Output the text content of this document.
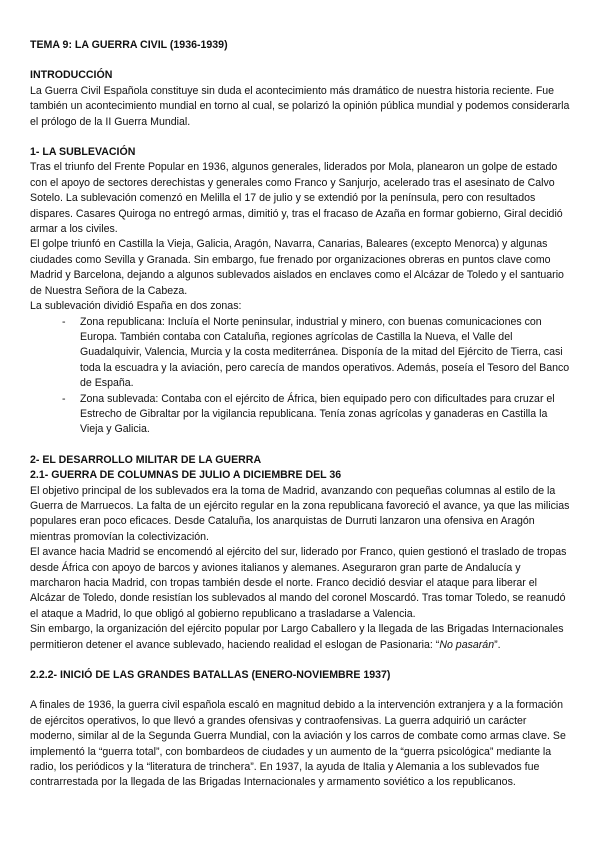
TEMA 9: LA GUERRA CIVIL (1936-1939)

INTRODUCCIÓN

La Guerra Civil Española constituye sin duda el acontecimiento más dramático de nuestra historia reciente. Fue también un acontecimiento mundial en torno al cual, se polarizó la opinión pública mundial y podemos considerarla el prólogo de la II Guerra Mundial.

1- LA SUBLEVACIÓN

Tras el triunfo del Frente Popular en 1936, algunos generales, liderados por Mola, planearon un golpe de estado con el apoyo de sectores derechistas y generales como Franco y Sanjurjo, acelerado tras el asesinato de Calvo Sotelo. La sublevación comenzó en Melilla el 17 de julio y se extendió por la península, pero con resultados dispares. Casares Quiroga no entregó armas, dimitió y, tras el fracaso de Azaña en formar gobierno, Giral decidió armar a los civiles.

El golpe triunfó en Castilla la Vieja, Galicia, Aragón, Navarra, Canarias, Baleares (excepto Menorca) y algunas ciudades como Sevilla y Granada. Sin embargo, fue frenado por organizaciones obreras en puntos clave como Madrid y Barcelona, dejando a algunos sublevados aislados en enclaves como el Alcázar de Toledo y el santuario de Nuestra Señora de la Cabeza.

La sublevación dividió España en dos zonas:

- Zona republicana: Incluía el Norte peninsular, industrial y minero, con buenas comunicaciones con Europa. También contaba con Cataluña, regiones agrícolas de Castilla la Nueva, el Valle del Guadalquivir, Valencia, Murcia y la costa mediterránea. Disponía de la mitad del Ejército de Tierra, casi toda la escuadra y la aviación, pero carecía de mandos operativos. Además, poseía el Tesoro del Banco de España.
- Zona sublevada: Contaba con el ejército de África, bien equipado pero con dificultades para cruzar el Estrecho de Gibraltar por la vigilancia republicana. Tenía zonas agrícolas y ganaderas en Castilla la Vieja y Galicia.

2- EL DESARROLLO MILITAR DE LA GUERRA

2.1- GUERRA DE COLUMNAS DE JULIO A DICIEMBRE DEL 36

El objetivo principal de los sublevados era la toma de Madrid, avanzando con pequeñas columnas al estilo de la Guerra de Marruecos. La falta de un ejército regular en la zona republicana favoreció el avance, ya que las milicias populares eran poco eficaces. Desde Cataluña, los anarquistas de Durruti lanzaron una ofensiva en Aragón mientras promovían la colectivización.

El avance hacia Madrid se encomendó al ejército del sur, liderado por Franco, quien gestionó el traslado de tropas desde África con apoyo de barcos y aviones italianos y alemanes. Aseguraron gran parte de Andalucía y marcharon hacia Madrid, con tropas también desde el norte. Franco decidió desviar el ataque para liberar el Alcázar de Toledo, donde resistían los sublevados al mando del coronel Moscardó. Tras tomar Toledo, se reanudó el ataque a Madrid, lo que obligó al gobierno republicano a trasladarse a Valencia.

Sin embargo, la organización del ejército popular por Largo Caballero y la llegada de las Brigadas Internacionales permitieron detener el avance sublevado, haciendo realidad el eslogan de Pasionaria: “No pasarán”.

2.2.2- INICIÓ DE LAS GRANDES BATALLAS (ENERO-NOVIEMBRE 1937)

A finales de 1936, la guerra civil española escaló en magnitud debido a la intervención extranjera y a la formación de ejércitos operativos, lo que llevó a grandes ofensivas y contraofensivas. La guerra adquirió un carácter moderno, similar al de la Segunda Guerra Mundial, con la aviación y los carros de combate como armas clave. Se implementó la “guerra total”, con bombardeos de ciudades y un aumento de la “guerra psicológica” mediante la radio, los periódicos y la “literatura de trinchera”. En 1937, la ayuda de Italia y Alemania a los sublevados fue contrarrestada por la llegada de las Brigadas Internacionales y armamento soviético a los republicanos.
